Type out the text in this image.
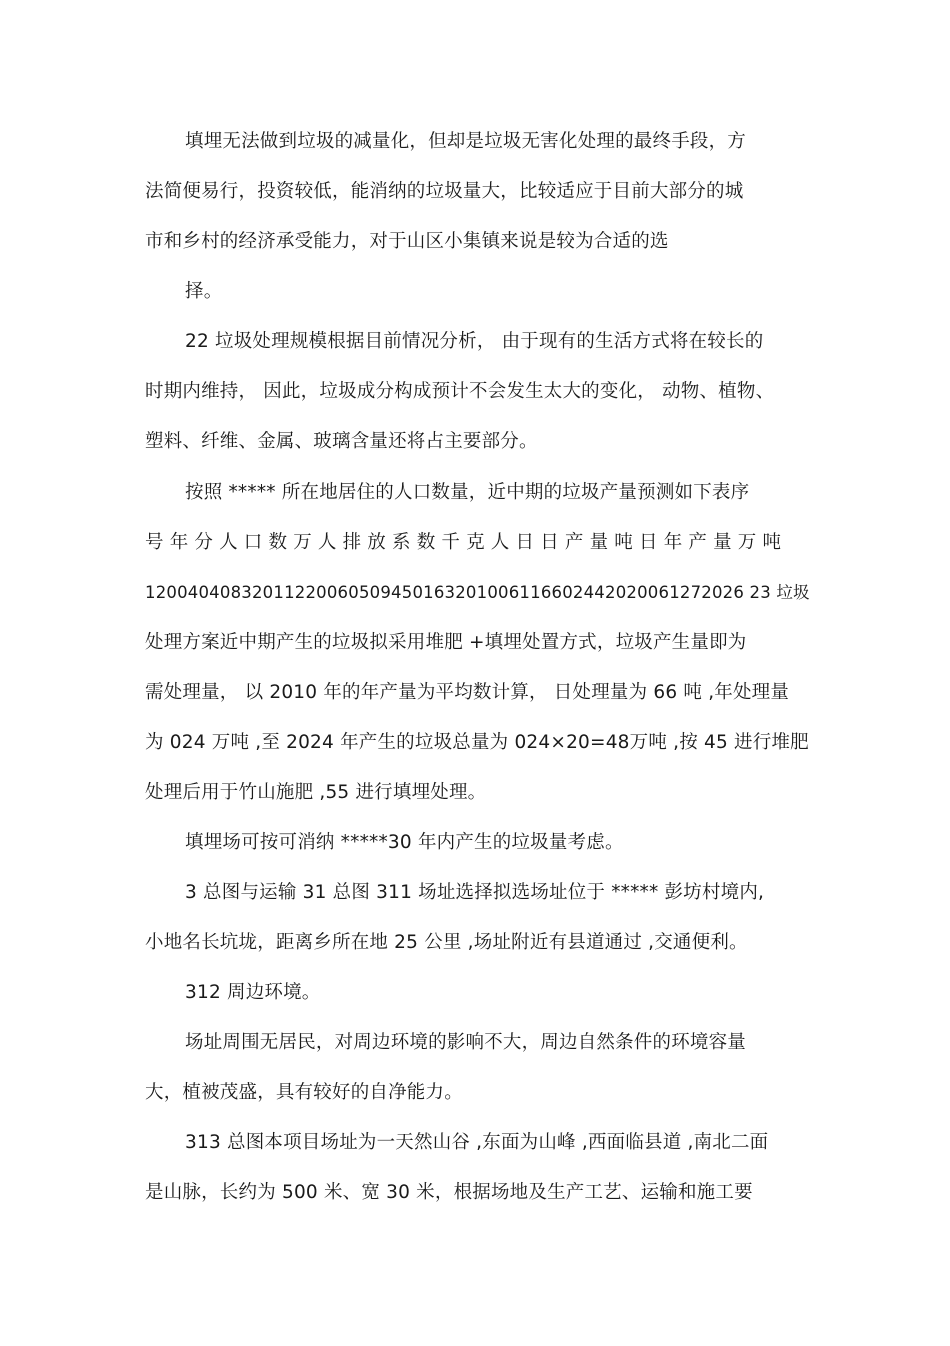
填埋无法做到垃圾的减量化，但却是垃圾无害化处理的最终手段，方
法简便易行，投资较低，能消纳的垃圾量大，比较适应于目前大部分的城
市和乡村的经济承受能力，对于山区小集镇来说是较为合适的选
择。
22 垃圾处理规模根据目前情况分析， 由于现有的生活方式将在较长的
时期内维持， 因此，垃圾成分构成预计不会发生太大的变化， 动物、植物、
塑料、纤维、金属、玻璃含量还将占主要部分。
按照 ***** 所在地居住的人口数量，近中期的垃圾产量预测如下表序
号年分人口数万人排放系数千克人日日产量吨日年产量万吨
12004040832011220060509450163201006116602442020061272026 23 垃圾
处理方案近中期产生的垃圾拟采用堆肥 +填埋处置方式，垃圾产生量即为
需处理量， 以 2010 年的年产量为平均数计算， 日处理量为 66 吨 ,年处理量
为 024 万吨 ,至 2024 年产生的垃圾总量为 024×20=48万吨 ,按 45 进行堆肥
处理后用于竹山施肥 ,55 进行填埋处理。
填埋场可按可消纳 *****30 年内产生的垃圾量考虑。
3 总图与运输 31 总图 311 场址选择拟选场址位于 ***** 彭坊村境内,
小地名长坑垅，距离乡所在地 25 公里 ,场址附近有县道通过 ,交通便利。
312 周边环境。
场址周围无居民，对周边环境的影响不大，周边自然条件的环境容量
大，植被茂盛，具有较好的自净能力。
313 总图本项目场址为一天然山谷 ,东面为山峰 ,西面临县道 ,南北二面
是山脉，长约为 500 米、宽 30 米，根据场地及生产工艺、运输和施工要
